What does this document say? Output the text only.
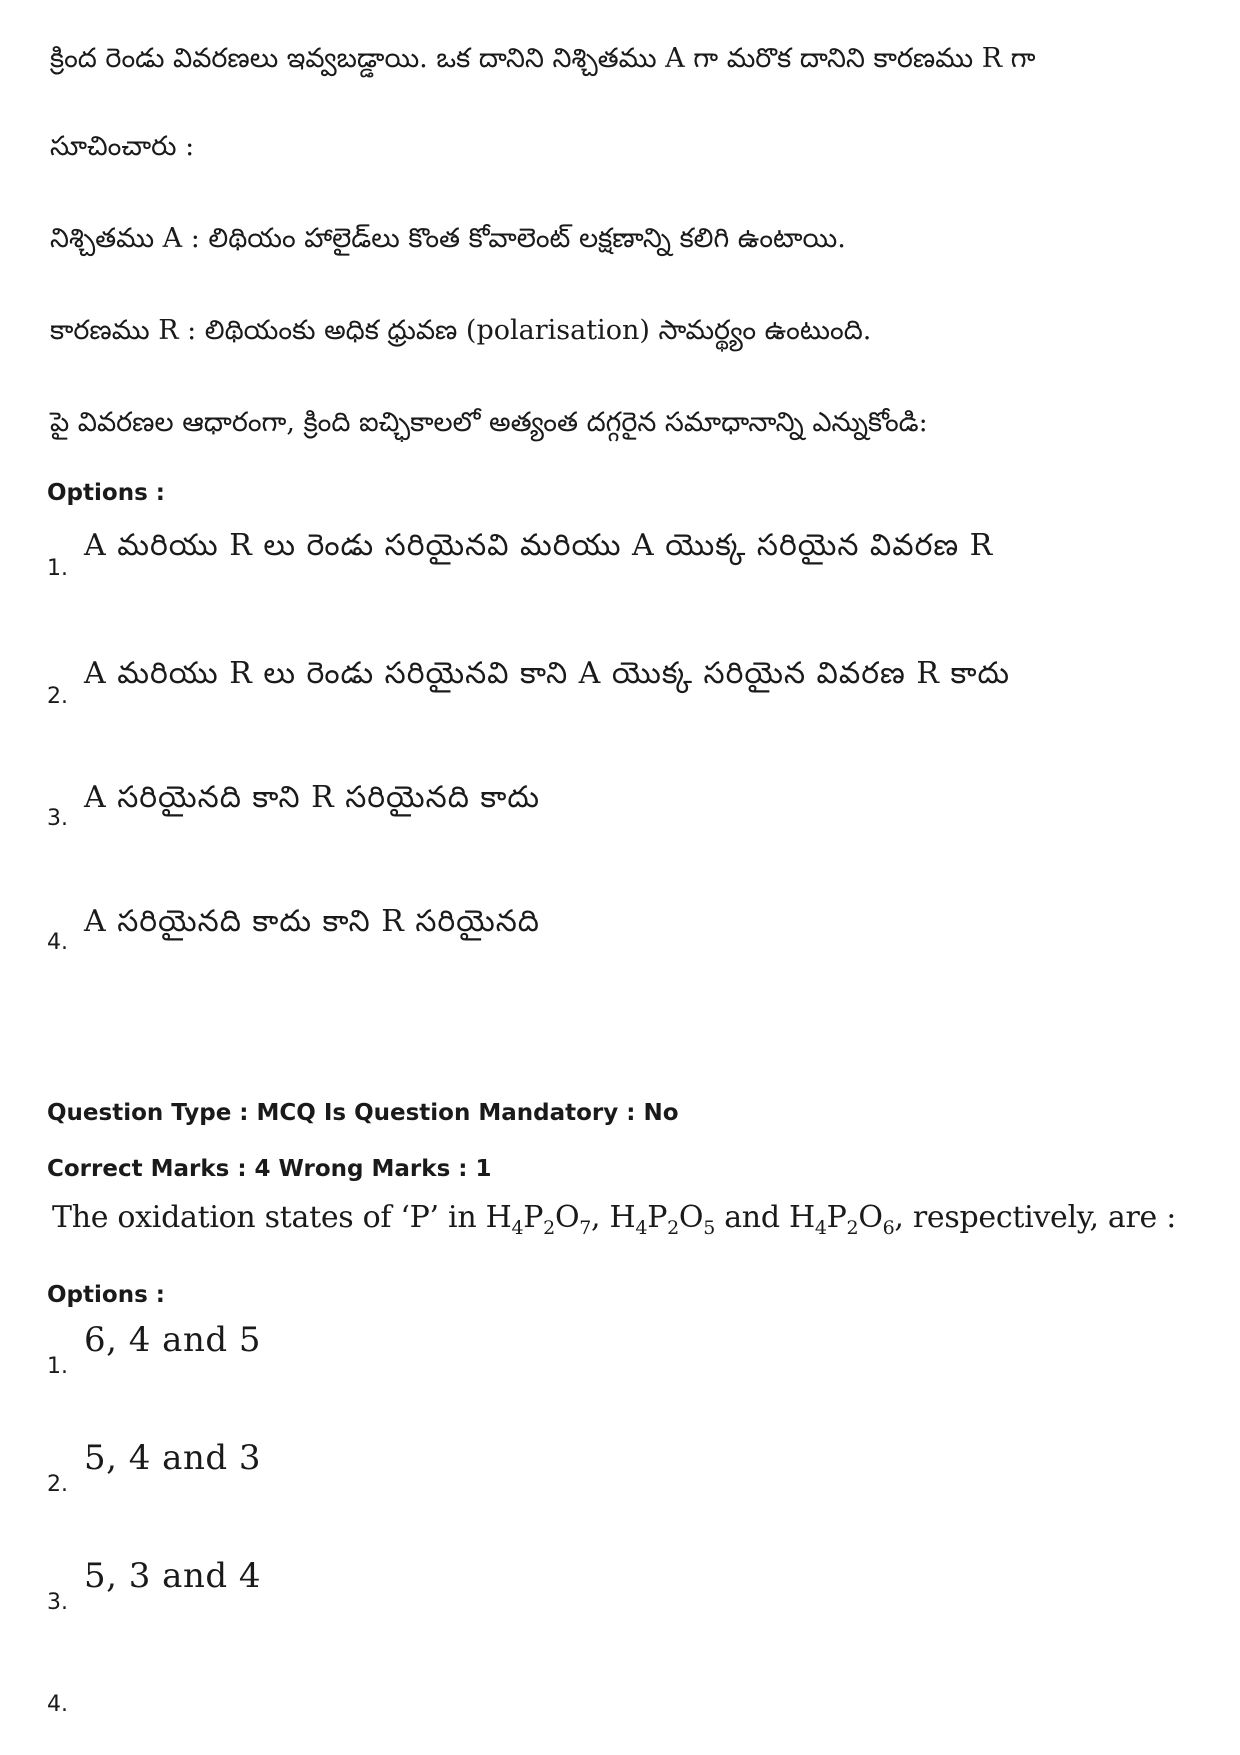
క్రింద రెండు వివరణలు ఇవ్వబడ్డాయి. ఒక దానిని నిశ్చితము A గా మరొక దానిని కారణము R గా
సూచించారు :
నిశ్చితము A : లిథియం హాలైడ్‌లు కొంత కోవాలెంట్ లక్షణాన్ని కలిగి ఉంటాయి.
కారణము R : లిథియంకు అధిక ధ్రువణ (polarisation) సామర్థ్యం ఉంటుంది.
పై వివరణల ఆధారంగా, క్రింది ఐచ్ఛికాలలో అత్యంత దగ్గరైన సమాధానాన్ని ఎన్నుకోండి:
Options :
1.
A మరియు R లు రెండు సరియైనవి మరియు A యొక్క సరియైన వివరణ R
2.
A మరియు R లు రెండు సరియైనవి కాని A యొక్క సరియైన వివరణ R కాదు
3.
A సరియైనది కాని R సరియైనది కాదు
4.
A సరియైనది కాదు కాని R సరియైనది
Question Type : MCQ Is Question Mandatory : No
Correct Marks : 4 Wrong Marks : 1
The oxidation states of ‘P’ in $H_4P_2O_7$, $H_4P_2O_5$ and $H_4P_2O_6$, respectively, are :
Options :
1.
6, 4 and 5
2.
5, 4 and 3
3.
5, 3 and 4
4.
